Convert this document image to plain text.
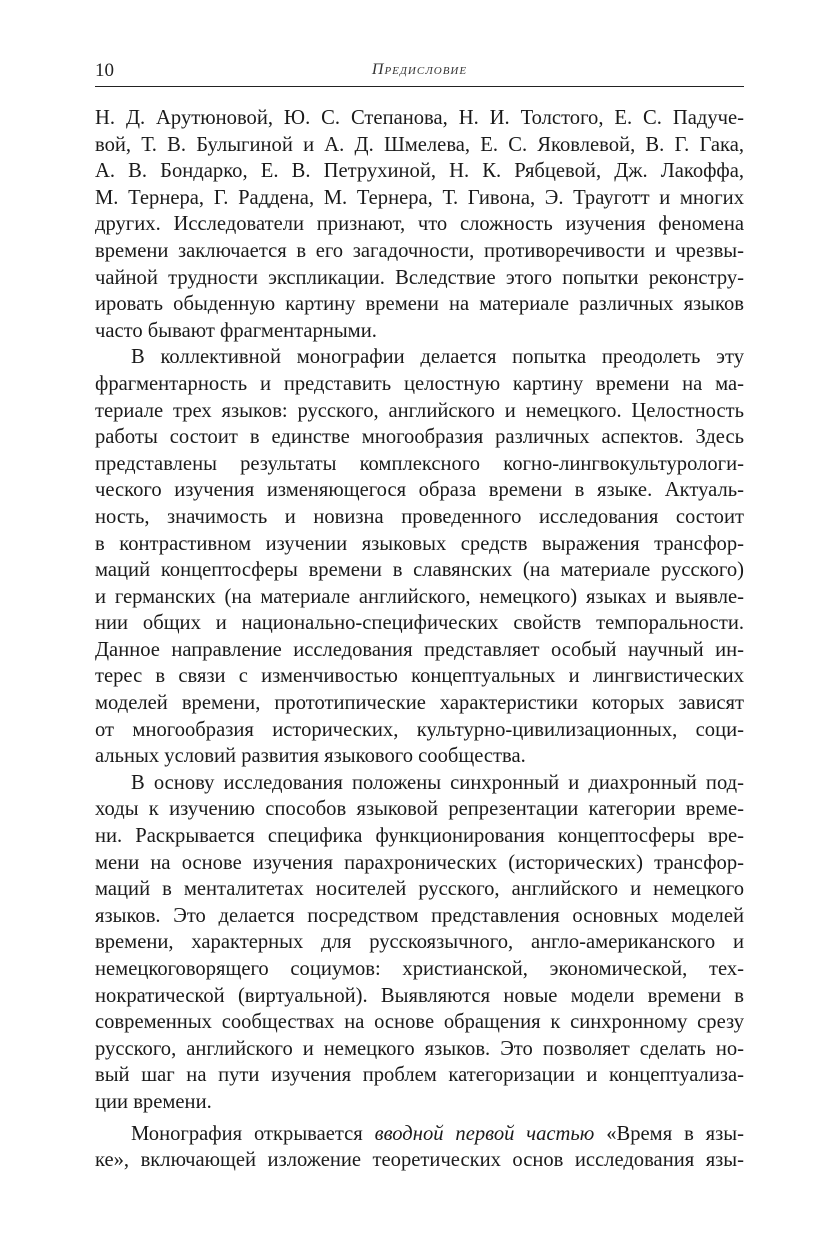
10	Предисловие
Н. Д. Арутюновой, Ю. С. Степанова, Н. И. Толстого, Е. С. Падуче-
вой, Т. В. Булыгиной и А. Д. Шмелева, Е. С. Яковлевой, В. Г. Гака,
А. В. Бондарко, Е. В. Петрухиной, Н. К. Рябцевой, Дж. Лакоффа,
М. Тернера, Г. Раддена, М. Тернера, Т. Гивона, Э. Трауготт и многих
других. Исследователи признают, что сложность изучения феномена
времени заключается в его загадочности, противоречивости и чрезвы-
чайной трудности экспликации. Вследствие этого попытки реконстру-
ировать обыденную картину времени на материале различных языков
часто бывают фрагментарными.
В коллективной монографии делается попытка преодолеть эту
фрагментарность и представить целостную картину времени на ма-
териале трех языков: русского, английского и немецкого. Целостность
работы состоит в единстве многообразия различных аспектов. Здесь
представлены результаты комплексного когно-лингвокультурологи-
ческого изучения изменяющегося образа времени в языке. Актуаль-
ность, значимость и новизна проведенного исследования состоит
в контрастивном изучении языковых средств выражения трансфор-
маций концептосферы времени в славянских (на материале русского)
и германских (на материале английского, немецкого) языках и выявле-
нии общих и национально-специфических свойств темпоральности.
Данное направление исследования представляет особый научный ин-
терес в связи с изменчивостью концептуальных и лингвистических
моделей времени, прототипические характеристики которых зависят
от многообразия исторических, культурно-цивилизационных, соци-
альных условий развития языкового сообщества.
В основу исследования положены синхронный и диахронный под-
ходы к изучению способов языковой репрезентации категории време-
ни. Раскрывается специфика функционирования концептосферы вре-
мени на основе изучения парахронических (исторических) трансфор-
маций в менталитетах носителей русского, английского и немецкого
языков. Это делается посредством представления основных моделей
времени, характерных для русскоязычного, англо-американского и
немецкоговорящего социумов: христианской, экономической, тех-
нократической (виртуальной). Выявляются новые модели времени в
современных сообществах на основе обращения к синхронному срезу
русского, английского и немецкого языков. Это позволяет сделать но-
вый шаг на пути изучения проблем категоризации и концептуализа-
ции времени.
Монография открывается вводной первой частью «Время в язы-
ке», включающей изложение теоретических основ исследования язы-
